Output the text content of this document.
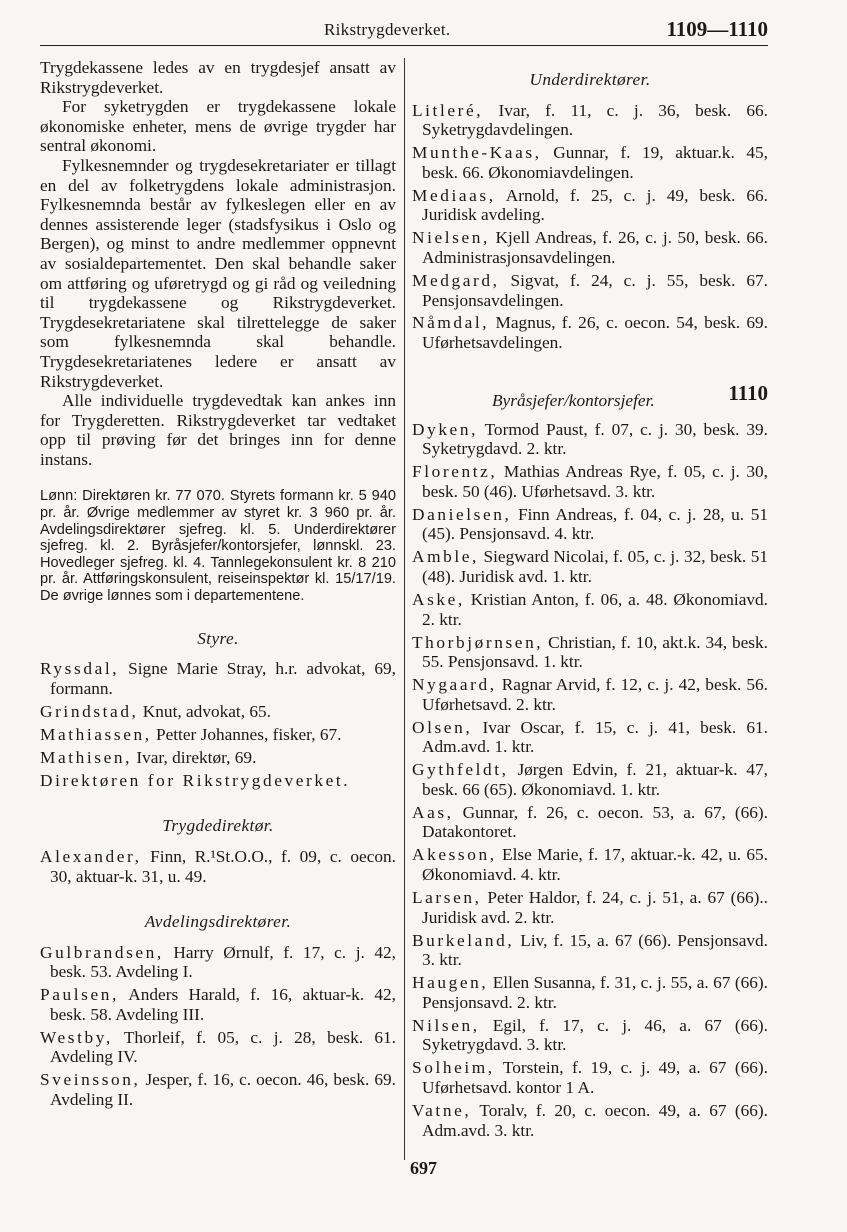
Rikstrygdeverket.	1109—1110

Trygdekassene ledes av en trygdesjef ansatt av Rikstrygdeverket.

For syketrygden er trygdekassene lokale økonomiske enheter, mens de øvrige trygder har sentral økonomi.

Fylkesnemnder og trygdesekretariater er tillagt en del av folketrygdens lokale administrasjon. Fylkesnemnda består av fylkeslegen eller en av dennes assisterende leger (stadsfysikus i Oslo og Bergen), og minst to andre medlemmer oppnevnt av sosialdepartementet. Den skal behandle saker om attføring og uføretrygd og gi råd og veiledning til trygdekassene og Rikstrygdeverket. Trygdesekretariatene skal tilrettelegge de saker som fylkesnemnda skal behandle. Trygdesekretariatenes ledere er ansatt av Rikstrygdeverket.

Alle individuelle trygdevedtak kan ankes inn for Trygderetten. Rikstrygdeverket tar vedtaket opp til prøving før det bringes inn for denne instans.

Lønn: Direktøren kr. 77 070. Styrets formann kr. 5 940 pr. år. Øvrige medlemmer av styret kr. 3 960 pr. år. Avdelingsdirektører sjefreg. kl. 5. Underdirektører sjefreg. kl. 2. Byråsjefer/kontorsjefer, lønnskl. 23. Hovedleger sjefreg. kl. 4. Tannlegekonsulent kr. 8 210 pr. år. Attføringskonsulent, reiseinspektør kl. 15/17/19. De øvrige lønnes som i departementene.

Styre.

Ryssdal, Signe Marie Stray, h.r. advokat, 69, formann.

Grindstad, Knut, advokat, 65.

Mathiassen, Petter Johannes, fisker, 67.

Mathisen, Ivar, direktør, 69.

Direktøren for Rikstrygdeverket.

Trygdedirektør.

Alexander, Finn, R.¹St.O.O., f. 09, c. oecon. 30, aktuar-k. 31, u. 49.

Avdelingsdirektører.

Gulbrandsen, Harry Ørnulf, f. 17, c. j. 42, besk. 53. Avdeling I.

Paulsen, Anders Harald, f. 16, aktuar-k. 42, besk. 58. Avdeling III.

Westby, Thorleif, f. 05, c. j. 28, besk. 61. Avdeling IV.

Sveinsson, Jesper, f. 16, c. oecon. 46, besk. 69. Avdeling II.

Underdirektører.

Litleré, Ivar, f. 11, c. j. 36, besk. 66. Syketrygdavdelingen.

Munthe-Kaas, Gunnar, f. 19, aktuar.k. 45, besk. 66. Økonomiavdelingen.

Mediaas, Arnold, f. 25, c. j. 49, besk. 66. Juridisk avdeling.

Nielsen, Kjell Andreas, f. 26, c. j. 50, besk. 66. Administrasjonsavdelingen.

Medgard, Sigvat, f. 24, c. j. 55, besk. 67. Pensjonsavdelingen.

Nåmdal, Magnus, f. 26, c. oecon. 54, besk. 69. Uførhetsavdelingen.

Byråsjefer/kontorsjefer.	1110

Dyken, Tormod Paust, f. 07, c. j. 30, besk. 39. Syketrygdavd. 2. ktr.

Florentz, Mathias Andreas Rye, f. 05, c. j. 30, besk. 50 (46). Uførhetsavd. 3. ktr.

Danielsen, Finn Andreas, f. 04, c. j. 28, u. 51 (45). Pensjonsavd. 4. ktr.

Amble, Siegward Nicolai, f. 05, c. j. 32, besk. 51 (48). Juridisk avd. 1. ktr.

Aske, Kristian Anton, f. 06, a. 48. Økonomiavd. 2. ktr.

Thorbjørnsen, Christian, f. 10, akt.k. 34, besk. 55. Pensjonsavd. 1. ktr.

Nygaard, Ragnar Arvid, f. 12, c. j. 42, besk. 56. Uførhetsavd. 2. ktr.

Olsen, Ivar Oscar, f. 15, c. j. 41, besk. 61. Adm.avd. 1. ktr.

Gythfeldt, Jørgen Edvin, f. 21, aktuar-k. 47, besk. 66 (65). Økonomiavd. 1. ktr.

Aas, Gunnar, f. 26, c. oecon. 53, a. 67, (66). Datakontoret.

Akesson, Else Marie, f. 17, aktuar.-k. 42, u. 65. Økonomiavd. 4. ktr.

Larsen, Peter Haldor, f. 24, c. j. 51, a. 67 (66).. Juridisk avd. 2. ktr.

Burkeland, Liv, f. 15, a. 67 (66). Pensjonsavd. 3. ktr.

Haugen, Ellen Susanna, f. 31, c. j. 55, a. 67 (66). Pensjonsavd. 2. ktr.

Nilsen, Egil, f. 17, c. j. 46, a. 67 (66). Syketrygdavd. 3. ktr.

Solheim, Torstein, f. 19, c. j. 49, a. 67 (66). Uførhetsavd. kontor 1 A.

Vatne, Toralv, f. 20, c. oecon. 49, a. 67 (66). Adm.avd. 3. ktr.

697
